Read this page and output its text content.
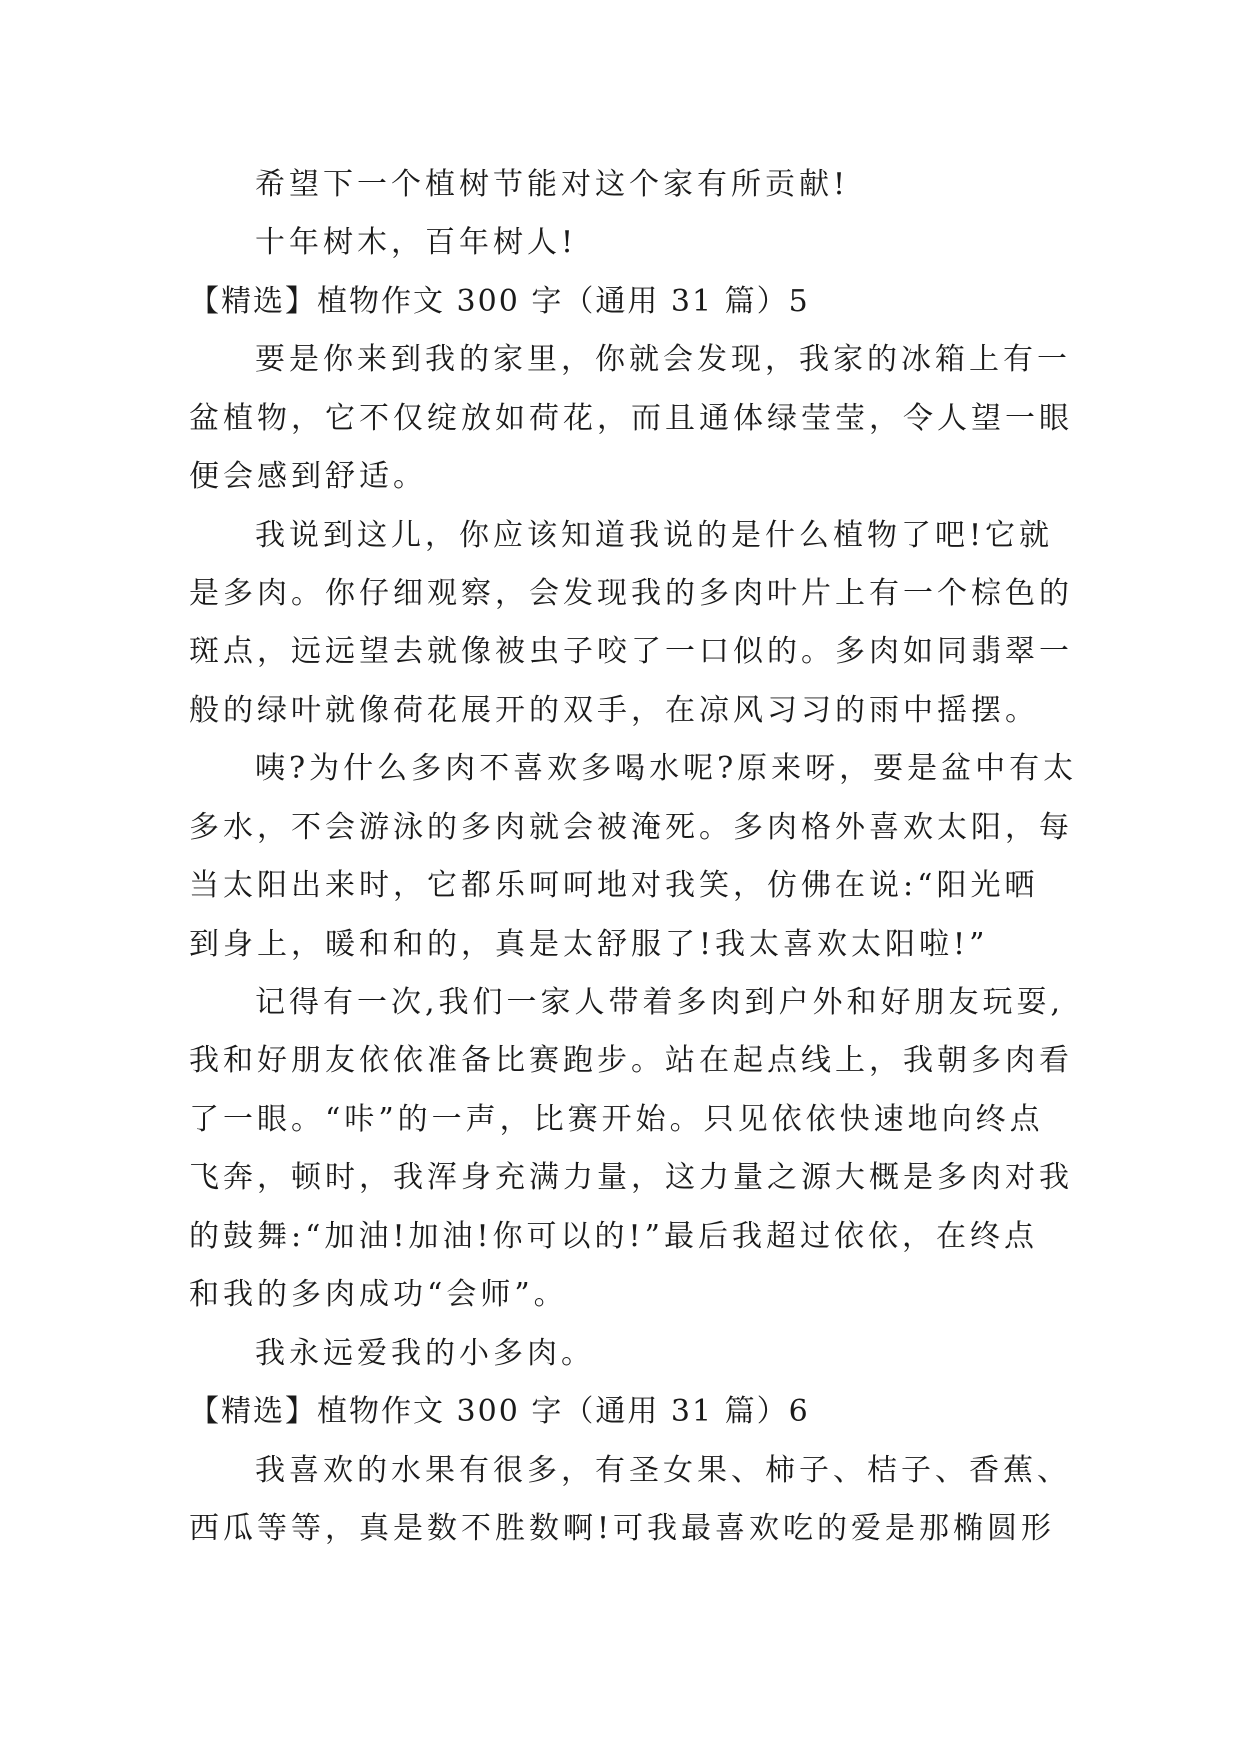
希望下一个植树节能对这个家有所贡献!
十年树木，百年树人!
【精选】植物作文 300 字（通用 31 篇）5
要是你来到我的家里，你就会发现，我家的冰箱上有一
盆植物，它不仅绽放如荷花，而且通体绿莹莹，令人望一眼
便会感到舒适。
我说到这儿，你应该知道我说的是什么植物了吧!它就
是多肉。你仔细观察，会发现我的多肉叶片上有一个棕色的
斑点，远远望去就像被虫子咬了一口似的。多肉如同翡翠一
般的绿叶就像荷花展开的双手，在凉风习习的雨中摇摆。
咦?为什么多肉不喜欢多喝水呢?原来呀，要是盆中有太
多水，不会游泳的多肉就会被淹死。多肉格外喜欢太阳，每
当太阳出来时，它都乐呵呵地对我笑，仿佛在说:“阳光晒
到身上，暖和和的，真是太舒服了!我太喜欢太阳啦!”
记得有一次,我们一家人带着多肉到户外和好朋友玩耍,
我和好朋友依依准备比赛跑步。站在起点线上，我朝多肉看
了一眼。“咔”的一声，比赛开始。只见依依快速地向终点
飞奔，顿时，我浑身充满力量，这力量之源大概是多肉对我
的鼓舞:“加油!加油!你可以的!”最后我超过依依，在终点
和我的多肉成功“会师”。
我永远爱我的小多肉。
【精选】植物作文 300 字（通用 31 篇）6
我喜欢的水果有很多，有圣女果、柿子、桔子、香蕉、
西瓜等等，真是数不胜数啊!可我最喜欢吃的爱是那椭圆形
